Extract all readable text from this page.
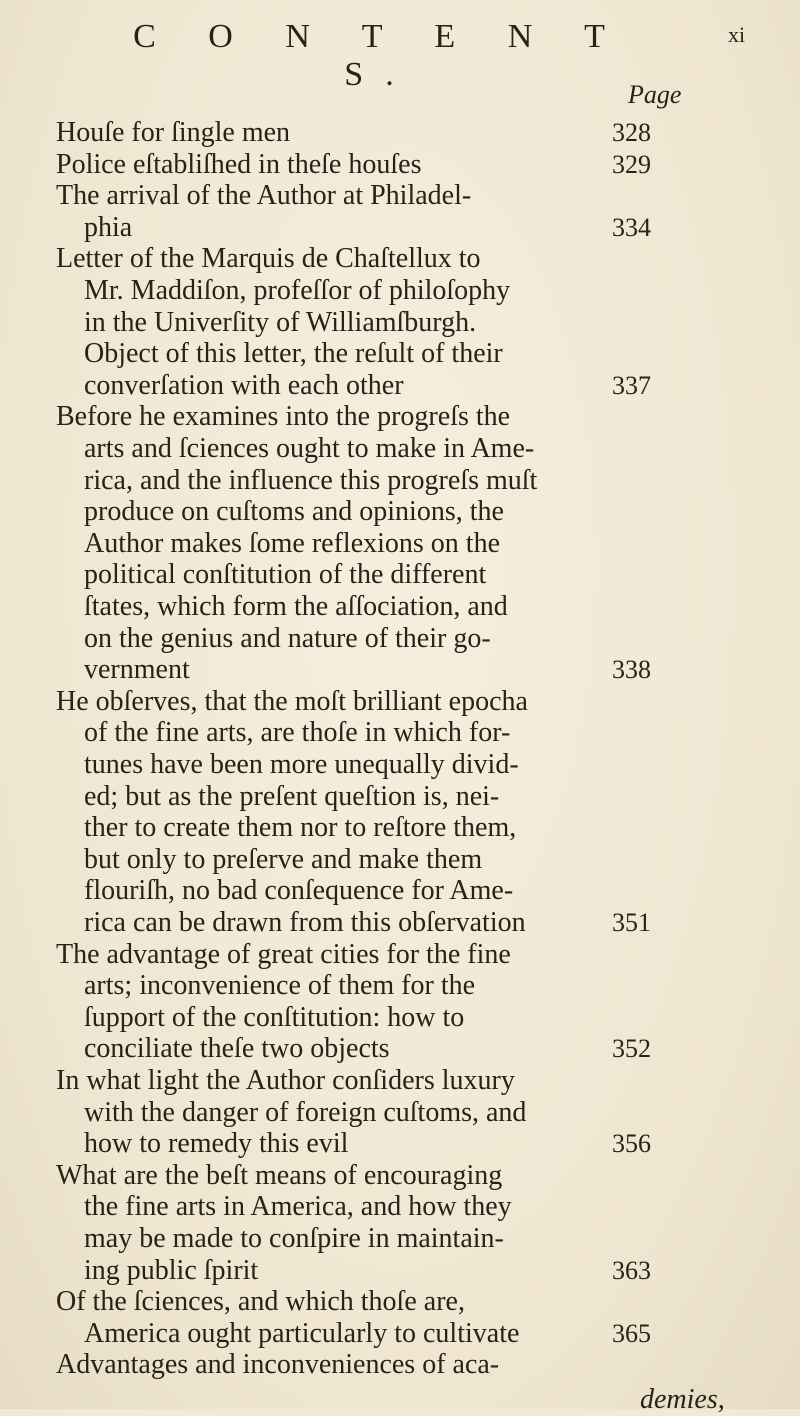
C O N T E N T S.
xi
Page
Houſe for ſingle men	328
Police eſtabliſhed in theſe houſes	329
The arrival of the Author at Philadel-
phia	334
Letter of the Marquis de Chaſtellux to
Mr. Maddiſon, profeſſor of philoſophy
in the Univerſity of Williamſburgh.
Object of this letter, the reſult of their
converſation with each other	337
Before he examines into the progreſs the
arts and ſciences ought to make in Ame-
rica, and the influence this progreſs muſt
produce on cuſtoms and opinions, the
Author makes ſome reflexions on the
political conſtitution of the different
ſtates, which form the aſſociation, and
on the genius and nature of their go-
vernment	338
He obſerves, that the moſt brilliant epocha
of the fine arts, are thoſe in which for-
tunes have been more unequally divid-
ed; but as the preſent queſtion is, nei-
ther to create them nor to reſtore them,
but only to preſerve and make them
flouriſh, no bad conſequence for Ame-
rica can be drawn from this obſervation	351
The advantage of great cities for the fine
arts; inconvenience of them for the
ſupport of the conſtitution: how to
conciliate theſe two objects	352
In what light the Author conſiders luxury
with the danger of foreign cuſtoms, and
how to remedy this evil	356
What are the beſt means of encouraging
the fine arts in America, and how they
may be made to conſpire in maintain-
ing public ſpirit	363
Of the ſciences, and which thoſe are,
America ought particularly to cultivate	365
Advantages and inconveniences of aca-
demies,
